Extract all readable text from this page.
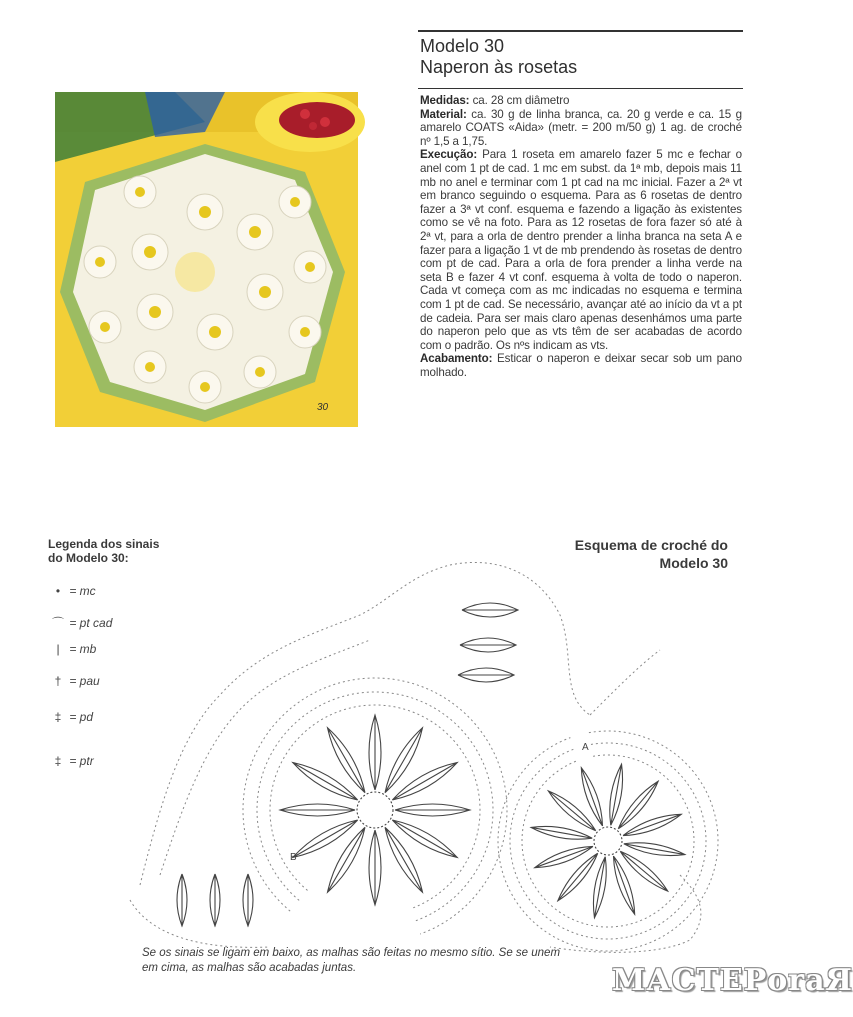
30
Modelo 30
Naperon às rosetas

Medidas: ca. 28 cm diâmetro

Material: ca. 30 g de linha branca, ca. 20 g verde e ca. 15 g amarelo COATS «Aida» (metr. = 200 m/50 g) 1 ag. de croché nº 1,5 a 1,75.

Execução: Para 1 roseta em amarelo fazer 5 mc e fechar o anel com 1 pt de cad. 1 mc em subst. da 1ª mb, depois mais 11 mb no anel e terminar com 1 pt cad na mc inicial. Fazer a 2ª vt em branco seguindo o esquema. Para as 6 rosetas de dentro fazer a 3ª vt conf. esquema e fazendo a ligação às existentes como se vê na foto. Para as 12 rosetas de fora fazer só até à 2ª vt, para a orla de dentro prender a linha branca na seta A e fazer para a ligação 1 vt de mb prendendo às rosetas de dentro com pt de cad. Para a orla de fora prender a linha verde na seta B e fazer 4 vt conf. esquema à volta de todo o naperon. Cada vt começa com as mc indicadas no esquema e termina com 1 pt de cad. Se necessário, avançar até ao início da vt a pt de cadeia. Para ser mais claro apenas desenhámos uma parte do naperon pelo que as vts têm de ser acabadas de acordo com o padrão. Os nºs indicam as vts.

Acabamento: Esticar o naperon e deixar secar sob um pano molhado.

Legenda dos sinais
do Modelo 30:
• = mc
⌒ = pt cad
| = mb
† = pau
‡ = pd
‡ = ptr
Esquema de croché do
Modelo 30
A
B
Se os sinais se ligam em baixo, as malhas são feitas no mesmo sítio. Se se unem em cima, as malhas são acabadas juntas.	МАСТЕРоrаЯ
